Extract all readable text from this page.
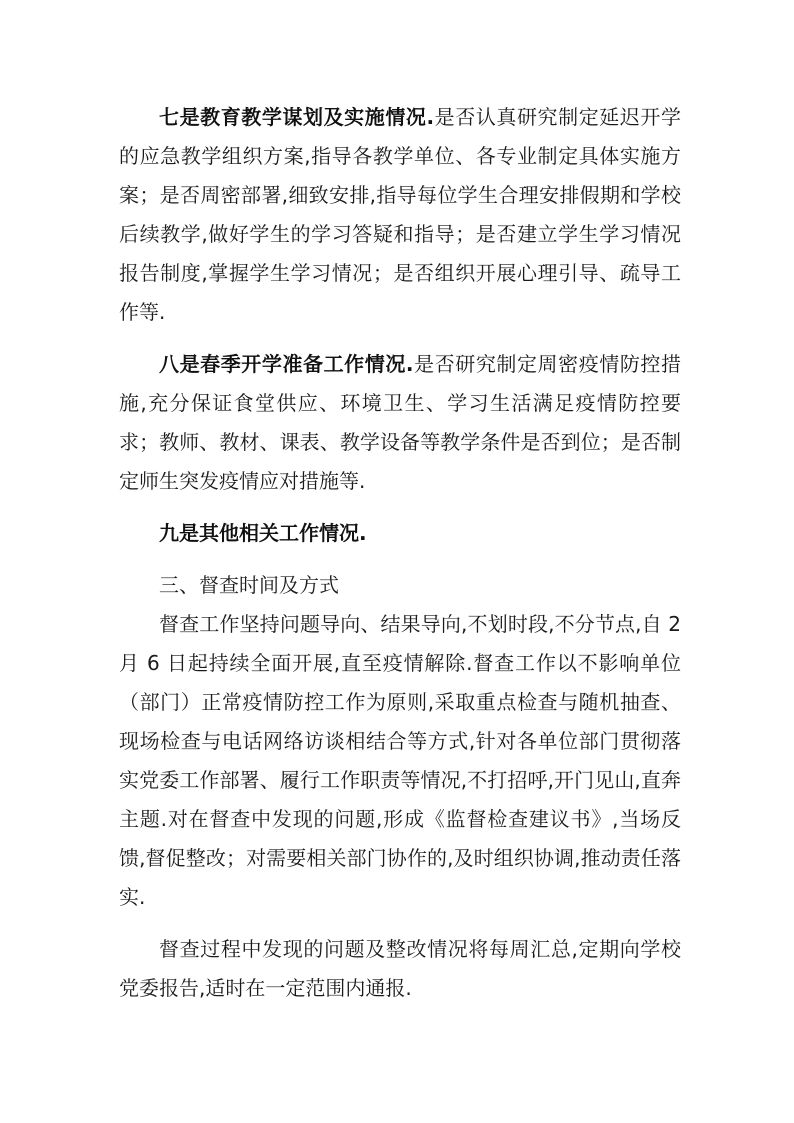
七是教育教学谋划及实施情况.是否认真研究制定延迟开学的应急教学组织方案,指导各教学单位、各专业制定具体实施方案；是否周密部署,细致安排,指导每位学生合理安排假期和学校后续教学,做好学生的学习答疑和指导；是否建立学生学习情况报告制度,掌握学生学习情况；是否组织开展心理引导、疏导工作等.

八是春季开学准备工作情况.是否研究制定周密疫情防控措施,充分保证食堂供应、环境卫生、学习生活满足疫情防控要求；教师、教材、课表、教学设备等教学条件是否到位；是否制定师生突发疫情应对措施等.

九是其他相关工作情况.

三、督查时间及方式

督查工作坚持问题导向、结果导向,不划时段,不分节点,自 2 月 6 日起持续全面开展,直至疫情解除.督查工作以不影响单位（部门）正常疫情防控工作为原则,采取重点检查与随机抽查、现场检查与电话网络访谈相结合等方式,针对各单位部门贯彻落实党委工作部署、履行工作职责等情况,不打招呼,开门见山,直奔主题.对在督查中发现的问题,形成《监督检查建议书》,当场反馈,督促整改；对需要相关部门协作的,及时组织协调,推动责任落实.

督查过程中发现的问题及整改情况将每周汇总,定期向学校党委报告,适时在一定范围内通报.
